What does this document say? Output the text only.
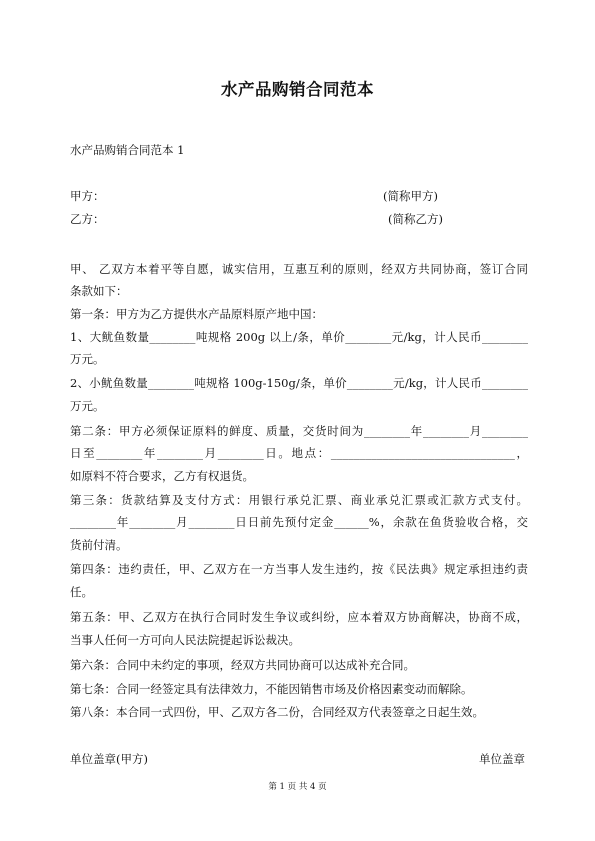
水产品购销合同范本
水产品购销合同范本 1
甲方：	(简称甲方)
乙方：	(简称乙方)
甲、 乙双方本着平等自愿，诚实信用，互惠互利的原则，经双方共同协商，签订合同
条款如下：
第一条：甲方为乙方提供水产品原料原产地中国：
1、大鱿鱼数量________吨规格 200g 以上/条，单价________元/kg，计人民币________
万元。
2、小鱿鱼数量________吨规格 100g-150g/条，单价________元/kg，计人民币________
万元。
第二条：甲方必须保证原料的鲜度、质量，交货时间为________年________月________
日至________年________月________日。地点：________________________________，
如原料不符合要求，乙方有权退货。
第三条：货款结算及支付方式：用银行承兑汇票、商业承兑汇票或汇款方式支付。
________年________月________日日前先预付定金______%，余款在鱼货验收合格，交
货前付清。
第四条：违约责任，甲、乙双方在一方当事人发生违约，按《民法典》规定承担违约责
任。
第五条：甲、乙双方在执行合同时发生争议或纠纷，应本着双方协商解决，协商不成，
当事人任何一方可向人民法院提起诉讼裁决。
第六条：合同中未约定的事项，经双方共同协商可以达成补充合同。
第七条：合同一经签定具有法律效力，不能因销售市场及价格因素变动而解除。
第八条：本合同一式四份，甲、乙双方各二份，合同经双方代表签章之日起生效。
单位盖章(甲方)	单位盖章
第 1 页 共 4 页
